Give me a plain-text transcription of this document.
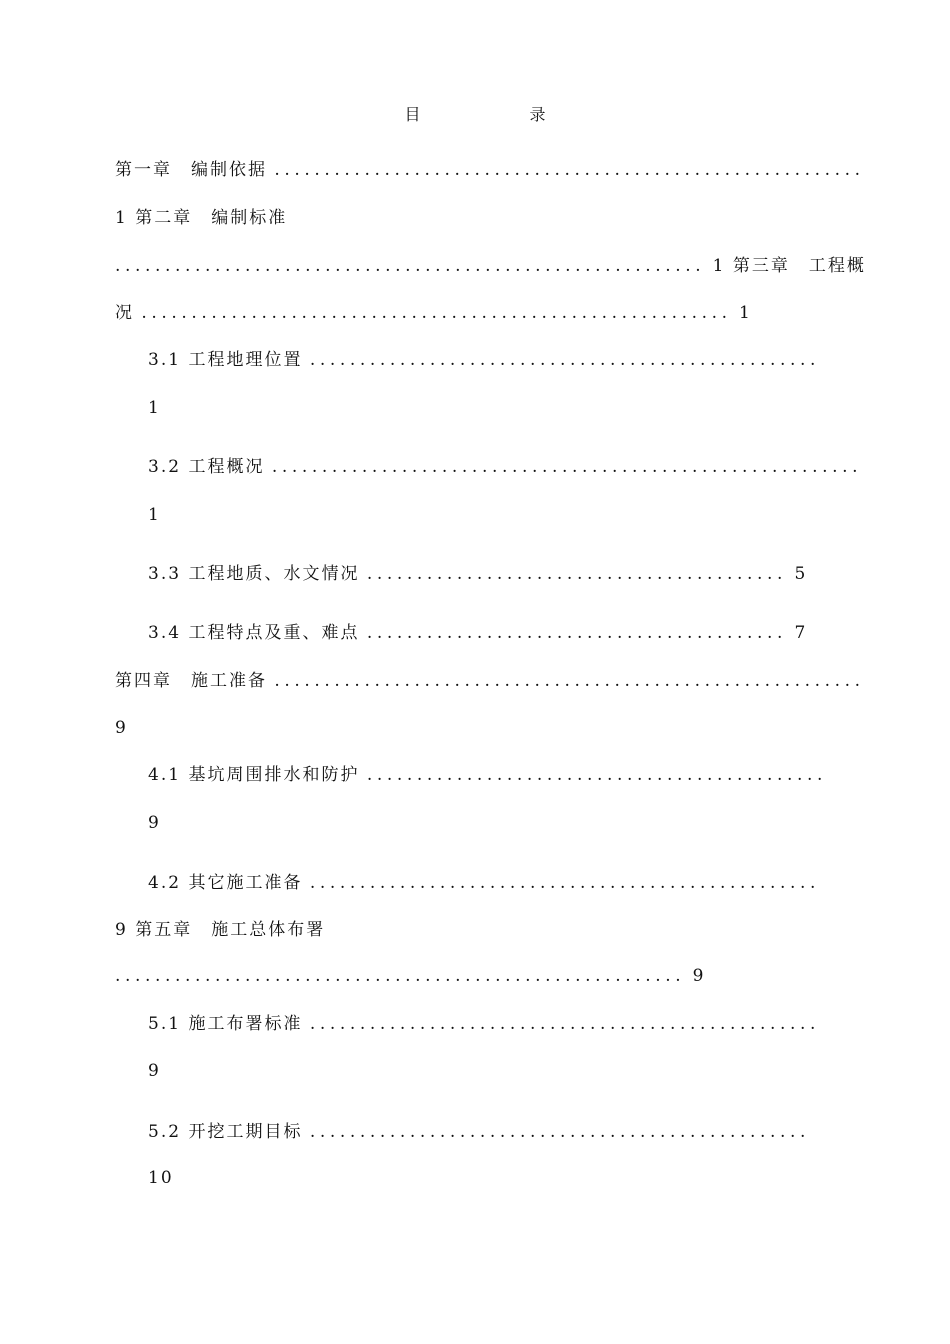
目 录
第一章　编制依据 ...........................................................
1 第二章　编制标准
........................................................... 1 第三章　工程概
况 ........................................................... 1
3.1 工程地理位置 ...................................................
1
3.2 工程概况 ...........................................................
1
3.3 工程地质、水文情况 .......................................... 5
3.4 工程特点及重、难点 .......................................... 7
第四章　施工准备 ...........................................................
9
4.1 基坑周围排水和防护 ..............................................
9
4.2 其它施工准备 ...................................................
9 第五章　施工总体布署
......................................................... 9
5.1 施工布署标准 ...................................................
9
5.2 开挖工期目标 ..................................................
10
